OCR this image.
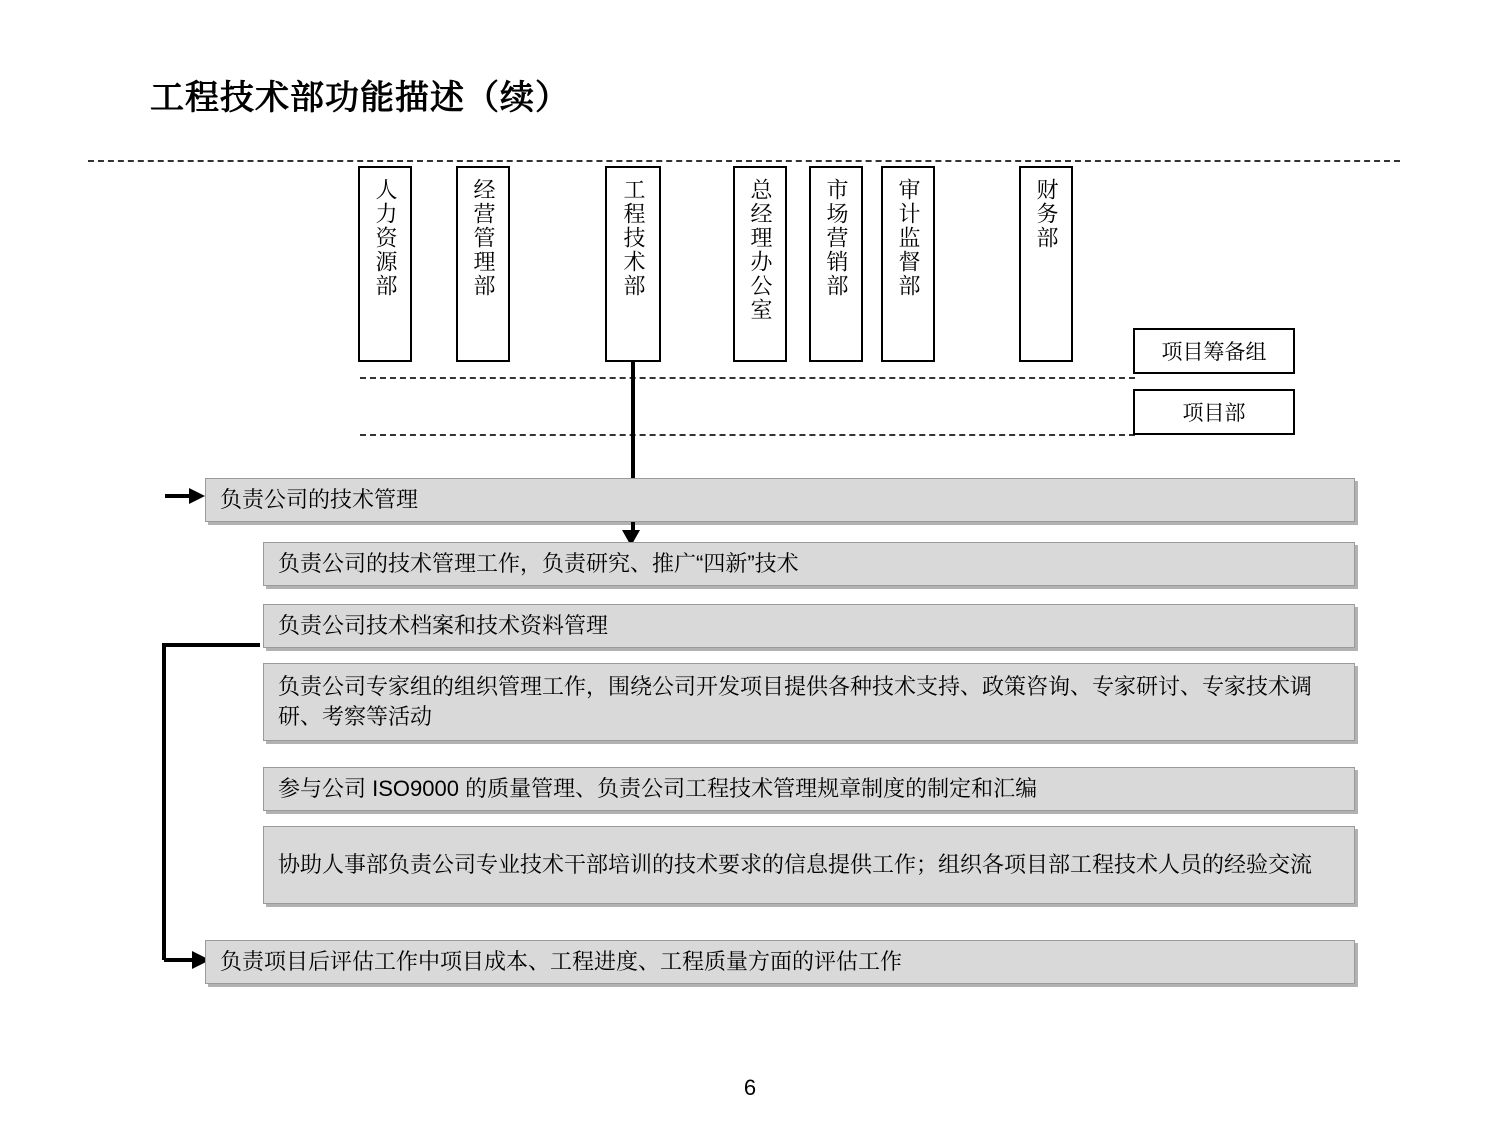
工程技术部功能描述（续）
人力资源部	经营管理部	工程技术部	总经理办公室 市场营销部 审计监督部	财务部
项目筹备组
项目部
负责公司的技术管理
负责公司的技术管理工作，负责研究、推广“四新”技术
负责公司技术档案和技术资料管理
负责公司专家组的组织管理工作，围绕公司开发项目提供各种技术支持、政策咨询、专家研讨、专家技术调研、考察等活动
参与公司 ISO9000 的质量管理、负责公司工程技术管理规章制度的制定和汇编
协助人事部负责公司专业技术干部培训的技术要求的信息提供工作；组织各项目部工程技术人员的经验交流
负责项目后评估工作中项目成本、工程进度、工程质量方面的评估工作
6
